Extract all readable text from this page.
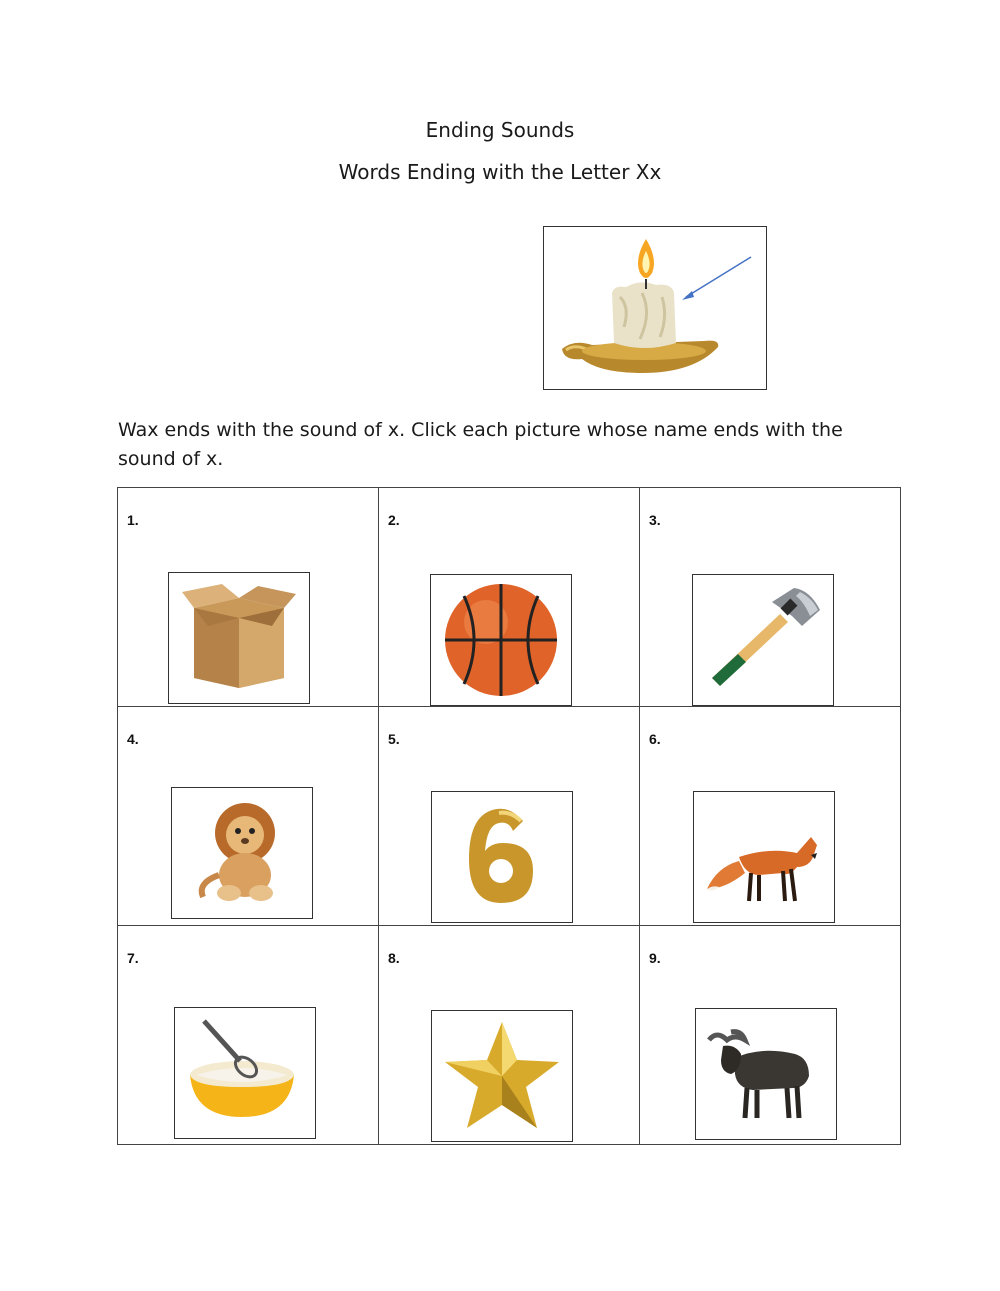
Ending Sounds
Words Ending with the Letter Xx
Wax ends with the sound of x. Click each picture whose name ends with the sound of x.
1.	2.	3.

4.	5.	6.

7.	8.	9.
